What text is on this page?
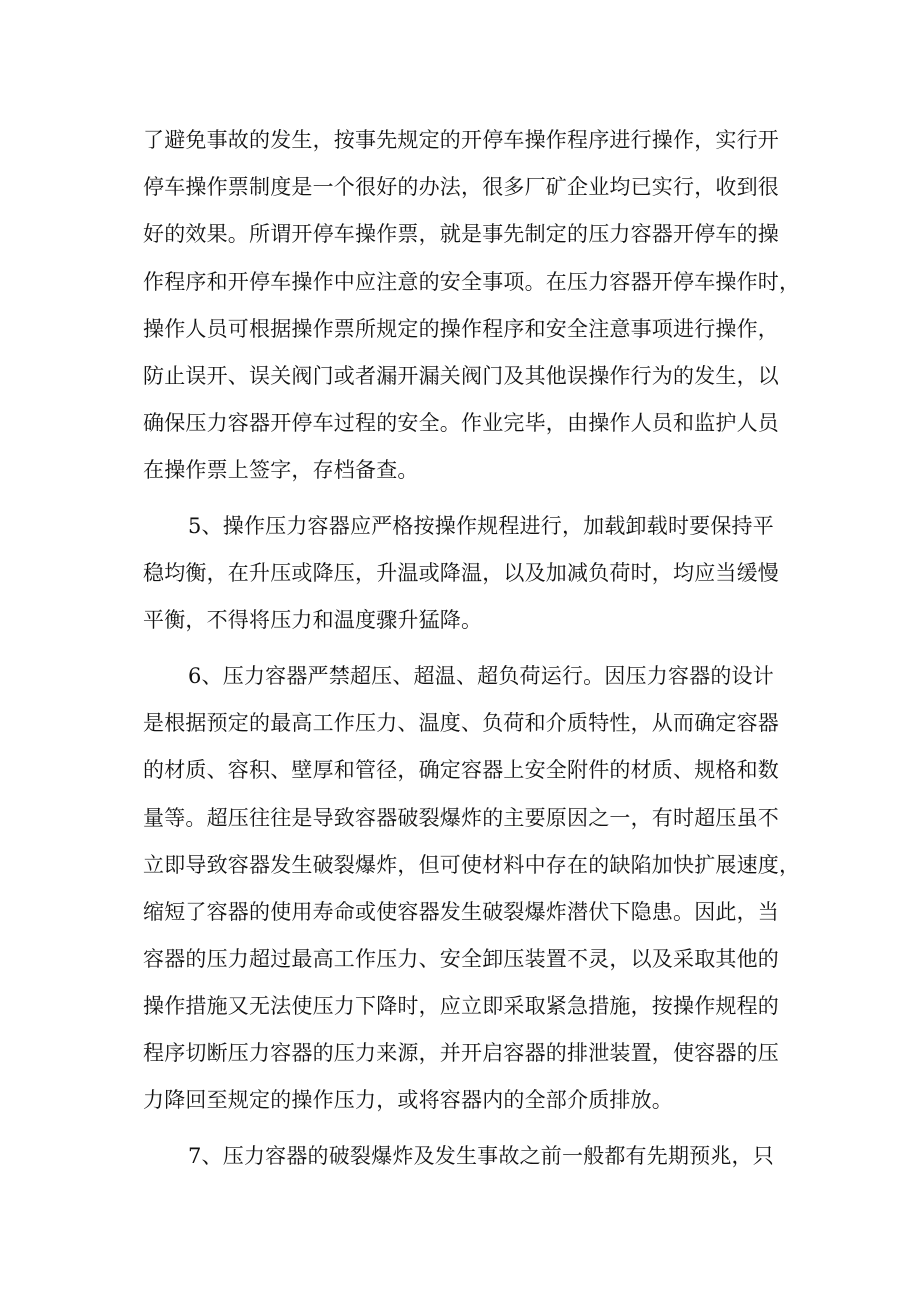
了避免事故的发生，按事先规定的开停车操作程序进行操作，实行开

停车操作票制度是一个很好的办法，很多厂矿企业均已实行，收到很

好的效果。所谓开停车操作票，就是事先制定的压力容器开停车的操

作程序和开停车操作中应注意的安全事项。在压力容器开停车操作时，

操作人员可根据操作票所规定的操作程序和安全注意事项进行操作，

防止误开、误关阀门或者漏开漏关阀门及其他误操作行为的发生，以

确保压力容器开停车过程的安全。作业完毕，由操作人员和监护人员

在操作票上签字，存档备查。

5、操作压力容器应严格按操作规程进行，加载卸载时要保持平

稳均衡，在升压或降压，升温或降温，以及加减负荷时，均应当缓慢

平衡，不得将压力和温度骤升猛降。

6、压力容器严禁超压、超温、超负荷运行。因压力容器的设计

是根据预定的最高工作压力、温度、负荷和介质特性，从而确定容器

的材质、容积、壁厚和管径，确定容器上安全附件的材质、规格和数

量等。超压往往是导致容器破裂爆炸的主要原因之一，有时超压虽不

立即导致容器发生破裂爆炸，但可使材料中存在的缺陷加快扩展速度，

缩短了容器的使用寿命或使容器发生破裂爆炸潜伏下隐患。因此，当

容器的压力超过最高工作压力、安全卸压装置不灵，以及采取其他的

操作措施又无法使压力下降时，应立即采取紧急措施，按操作规程的

程序切断压力容器的压力来源，并开启容器的排泄装置，使容器的压

力降回至规定的操作压力，或将容器内的全部介质排放。

7、压力容器的破裂爆炸及发生事故之前一般都有先期预兆，只
